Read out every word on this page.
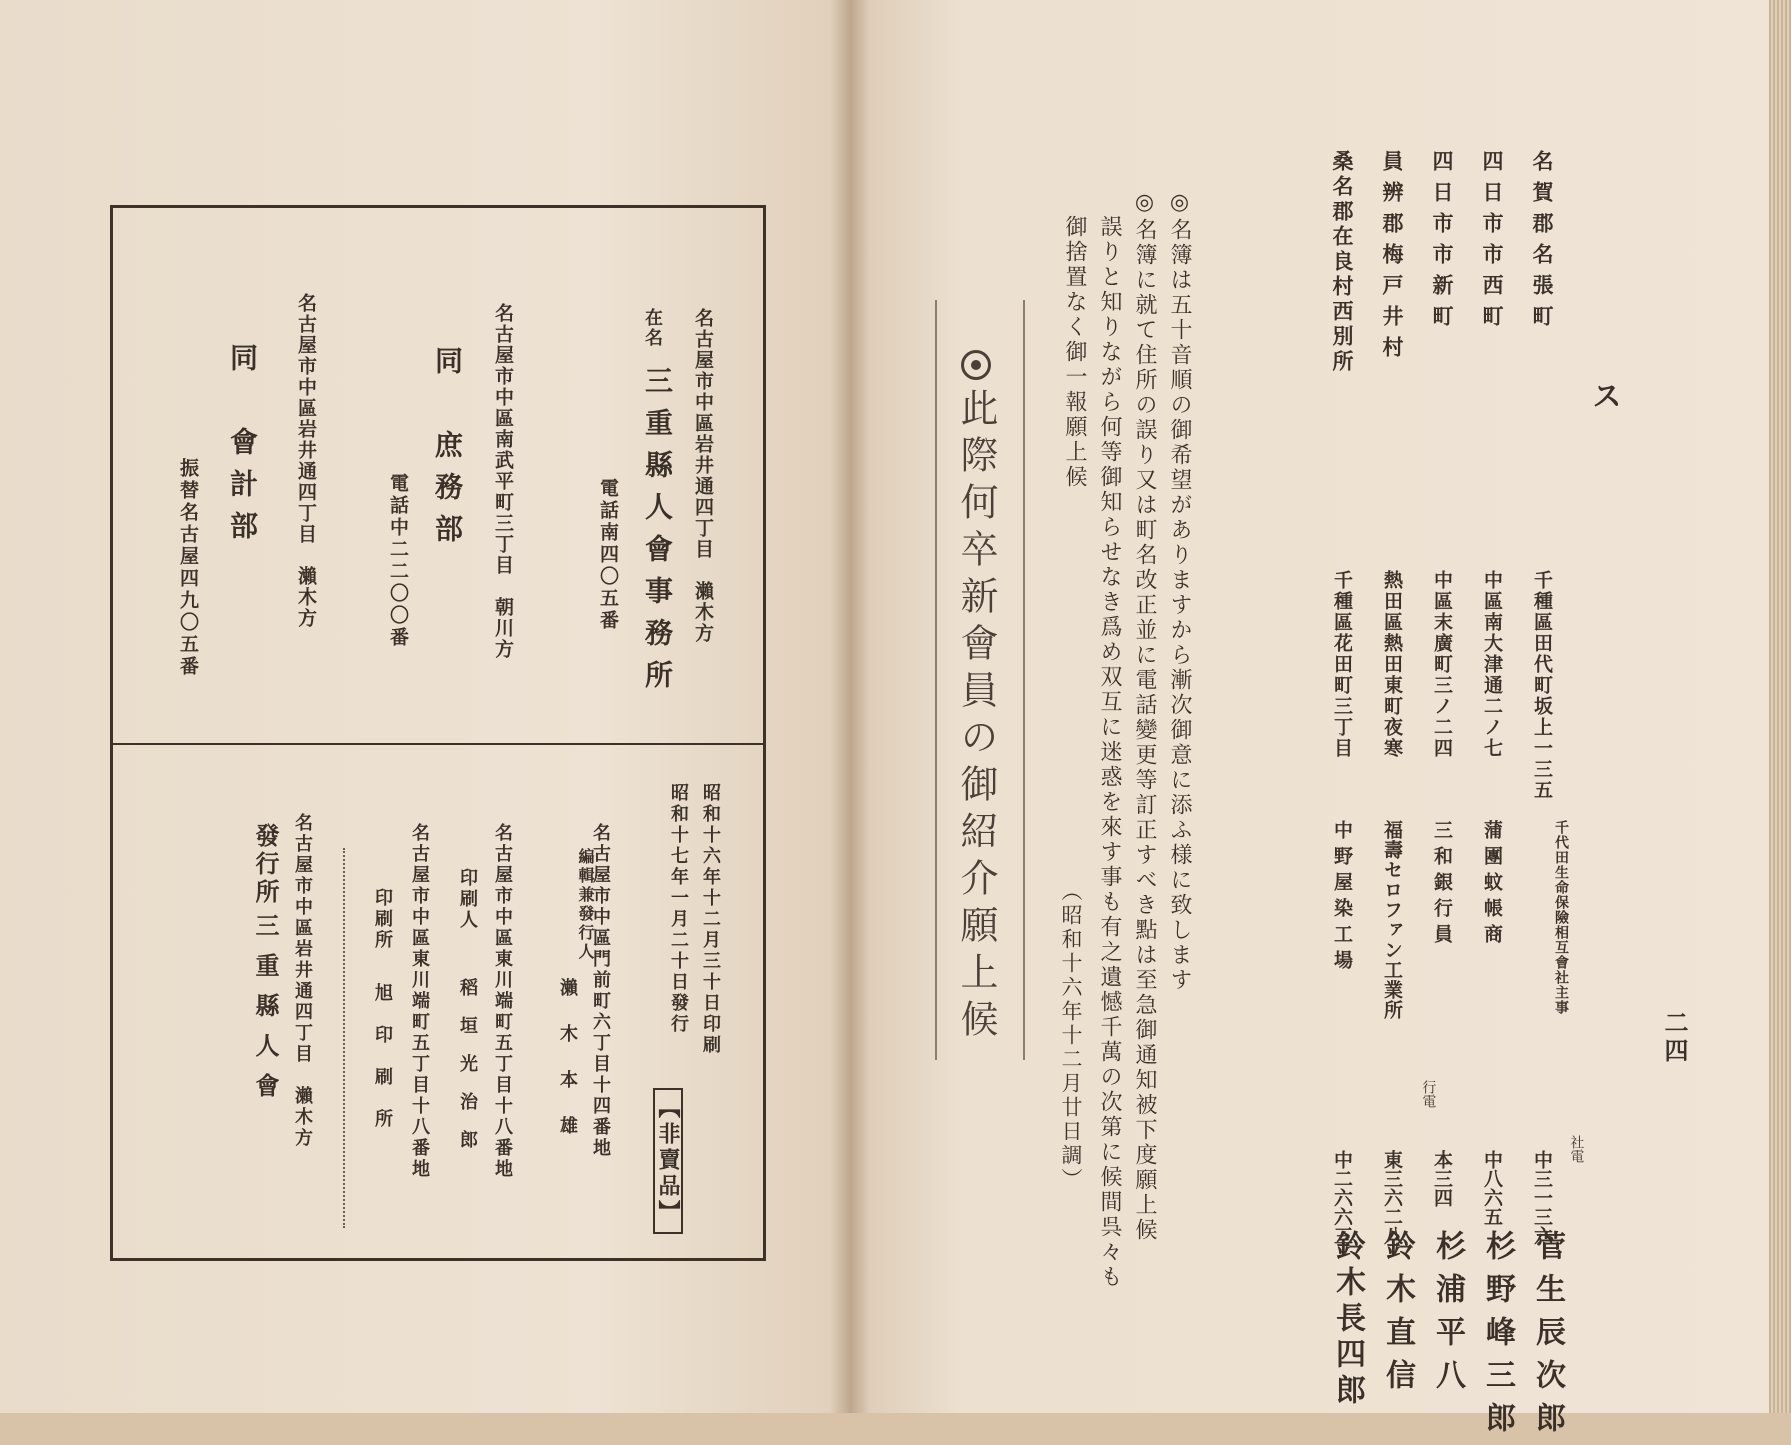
ス
二四
名賀郡名張町
千種區田代町坂上一三五
千代田生命保險相互會社主事
社電
中三一三六
菅生辰次郎
四日市市西町
中區南大津通二ノ七
蒲團蚊帳商
中八六五
杉野峰三郎
四日市市新町
中區末廣町三ノ二四
三和銀行員
行電
本三四
杉浦平八
員辨郡梅戸井村
熱田區熱田東町夜寒
福壽セロファン工業所
東三六二八
鈴木直信
桑名郡在良村西別所
千種區花田町三丁目
中野屋染工場
中二六六三
鈴木長四郎
◎名簿は五十音順の御希望がありますから漸次御意に添ふ様に致します
◎名簿に就て住所の誤り又は町名改正並に電話變更等訂正すべき點は至急御通知被下度願上候
誤りと知りながら何等御知らせなき爲め双互に迷惑を來す事も有之遺憾千萬の次第に候間呉々も
御捨置なく御一報願上候
（昭和十六年十二月廿日調）
此際何卒新會員の御紹介願上候
名古屋市中區岩井通四丁目　瀨木方
在名
三重縣人會事務所
電話南四〇五番
名古屋市中區南武平町三丁目　朝川方
同　庶務部
電話中二二〇〇番
名古屋市中區岩井通四丁目　瀨木方
同　會計部
振替名古屋四九〇五番
昭和十六年十二月三十日印刷
昭和十七年一月二十日發行
【非賣品】
名古屋市中區門前町六丁目十四番地
編輯兼發行人
瀨木本雄
名古屋市中區東川端町五丁目十八番地
印刷人
稻垣光治郎
名古屋市中區東川端町五丁目十八番地
印刷所
旭印刷所
名古屋市中區岩井通四丁目　瀨木方
發行所
三重縣人會
